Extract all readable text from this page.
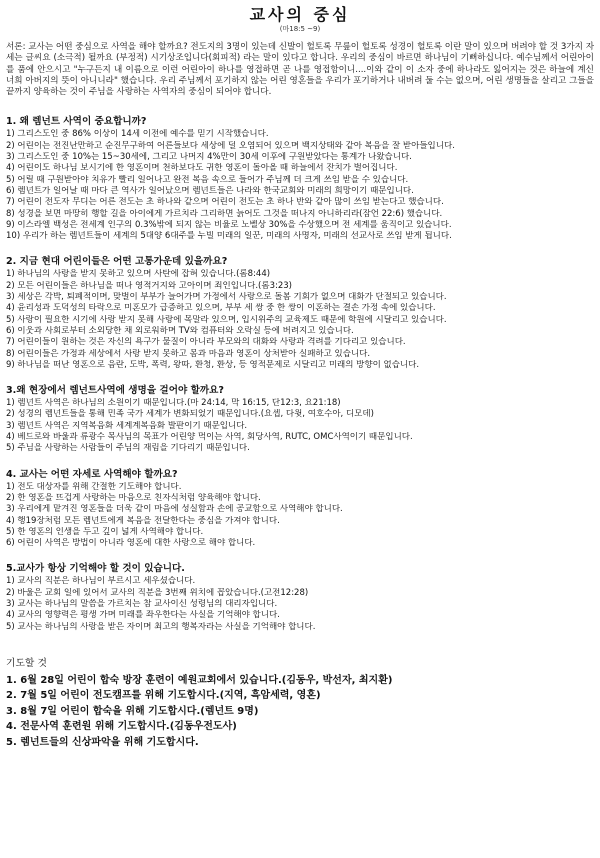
교사의 중심
(마18:5 ~9)
서론: 교사는 어떤 중심으로 사역을 해야 할까요? 전도지의 3명이 있는데 신발이 헐토록 무릎이 헐토록 성경이 헐토록 이란 말이 있으며 버려야 할 것 3가지 자세는 글씨요 (소극적) 될까요 (부정적) 시기상조입니다(회피적) 라는 말이 있다고 합니다. 우리의 중심이 바르면 하나님이 기뻐하십니다. 예수님께서 어린아이를 품에 안으시고 "누구든지 내 이름으로 이런 어린아이 하나를 영접하면 곧 나를 영접함이니....이와 같이 이 소자 중에 하나라도 잃어지는 것은 하늘에 계신 너희 아버지의 뜻이 아니니라" 했습니다. 우리 주님께서 포기하지 않는 어린 영혼들을 우리가 포기하거나 내버려 둘 수는 없으며, 어린 생명들을 살리고 그들을 끝까지 양육하는 것이 주님을 사랑하는 사역자의 중심이 되어야 합니다.
1. 왜 렘넌트 사역이 중요합니까?
1) 그리스도인 중 86% 이상이 14세 이전에 예수를 믿기 시작했습니다.
2) 어린이는 전진난만하고 순진무구하여 어른들보다 세상에 덜 오염되어 있으며 백지상태와 같아 복음을 잘 받아들입니다.
3) 그리스도인 중 10%는 15~30세에, 그리고 나머지 4%만이 30세 이후에 구원받았다는 통계가 나왔습니다.
4) 어린이도 하나님 보시기에 한 영혼이며 천하보다도 귀한 영혼이 돌아올 때 하늘에서 잔치가 벌어집니다.
5) 어릴 때 구원받아야 치유가 빨리 일어나고 완전 복음 속으로 들어가 주님께 더 크게 쓰임 받을 수 있습니다.
6) 렘넌트가 일어날 때 마다 큰 역사가 일어났으며 렘넌트들은 나라와 한국교회와 미래의 희망이기 때문입니다.
7) 어린이 전도자 무디는 어른 전도는 초 하나와 같으며 어린이 전도는 초 하나 반와 같아 많이 쓰임 받는다고 했습니다.
8) 성경을 보면 마땅히 행할 길을 아이에게 가르치라 그리하면 늙어도 그것을 떠나지 아니하리라(잠언 22:6) 했습니다.
9) 이스라엘 백성은 전세계 인구의 0.3%밖에 되지 않는 비율로 노벨상 30%을 수상했으며 전 세계를 움직이고 있습니다.
10) 우리가 하는 렘넌트들이 세계의 5대양 6대주를 누빌 미래의 일꾼, 미래의 사명자, 미래의 선교사로 쓰임 받게 됩니다.
2. 지금 현대 어린이들은 어떤 고통가운데 있을까요?
1) 하나님의 사랑을 받지 못하고 있으며 사탄에 잡혀 있습니다.(롬8:44)
2) 모든 어린이들은 하나님을 떠나 영적거지와 고아이며 죄인입니다.(롬3:23)
3) 세상은 각박, 퇴폐적이며, 맞벌이 부부가 늘어가며 가정에서 사랑으로 돌봄 기회가 없으며 대화가 단절되고 있습니다.
4) 윤리성과 도덕성의 타락으로 미혼모가 급증하고 있으며, 부부 세 쌍 중 한 쌍이 이혼하는 결손 가정 속에 있습니다.
5) 사랑이 필요한 시기에 사랑 받지 못해 사랑에 목말라 있으며, 입시위주의 교육제도 때문에 학원에 시달리고 있습니다.
6) 이웃과 사회로부터 소외당한 채 외로워하며 TV와 컴퓨터와 오락실 등에 버려지고 있습니다.
7) 어린이들이 원하는 것은 자신의 욕구가 물질이 아니라 부모와의 대화와 사랑과 격려를 기다리고 있습니다.
8) 어린이들은 가정과 세상에서 사랑 받지 못하고 몸과 마음과 영혼이 상처받아 실패하고 있습니다.
9) 하나님을 떠난 영혼으로 음란, 도박, 폭력, 왕따, 환청, 환상, 등 영적문제로 시달리고 미래의 방향이 없습니다.
3.왜 현장에서 렘넌트사역에 생명을 걸어야 할까요?
1) 렘넌트 사역은 하나님의 소원이기 때문입니다.(마 24:14, 막 16:15, 단12:3, 요21:18)
2) 성경의 렘넌트들을 통해 민족 국가 세계가 변화되었기 때문입니다.(요셉, 다윗, 여호수아, 디모데)
3) 렘넌트 사역은 지역복음화 세계계복음화 발판이기 때문입니다.
4) 베드로와 바울과 류광수 목사님의 목표가 어린양 먹이는 사역, 회당사역, RUTC, OMC사역이기 때문입니다.
5) 주님을 사랑하는 사람들이 주님의 재림을 기다리기 때문입니다.
4. 교사는 어떤 자세로 사역해야 할까요?
1) 전도 대상자를 위해 간절한 기도해야 합니다.
2) 한 영혼을 뜨겁게 사랑하는 마음으로 친자식처럼 양육해야 합니다.
3) 우리에게 맡겨진 영혼들을 더욱 같이 마음에 성실함과 손에 공교함으로 사역해야 합니다.
4) 행19장처럼 모든 렘넌트에게 복음을 전달한다는 중심을 가져야 합니다.
5) 한 영혼의 인생을 두고 깊이 넓게 사역해야 합니다.
6) 어린이 사역은 방법이 아니라 영혼에 대한 사랑으로 해야 합니다.
5.교사가 항상 기억해야 할 것이 있습니다.
1) 교사의 직분은 하나님이 부르시고 세우셨습니다.
2) 바울은 교회 일에 있어서 교사의 직분을 3번째 위치에 꼽았습니다.(고전12:28)
3) 교사는 하나님의 말씀을 가르치는 참 교사이신 성령님의 대리자입니다.
4) 교사의 영향력은 평생 가며 미래를 좌우한다는 사실을 기억해야 합니다.
5) 교사는 하나님의 사랑을 받은 자이며 최고의 행복자라는 사실을 기억해야 합니다.
기도할 것
1. 6월 28일 어린이 합숙 방장 훈련이 예원교회에서 있습니다.(김동우, 박선자, 최지환)
2. 7월 5일 어린이 전도캠프를 위해 기도합시다.(지역, 흑암세력, 영혼)
3. 8월 7일 어린이 합숙을 위해 기도합시다.(렘넌트 9명)
4. 전문사역 훈련원 위해 기도합시다.(김동우전도사)
5. 렘넌트들의 신상파악을 위해 기도합시다.
